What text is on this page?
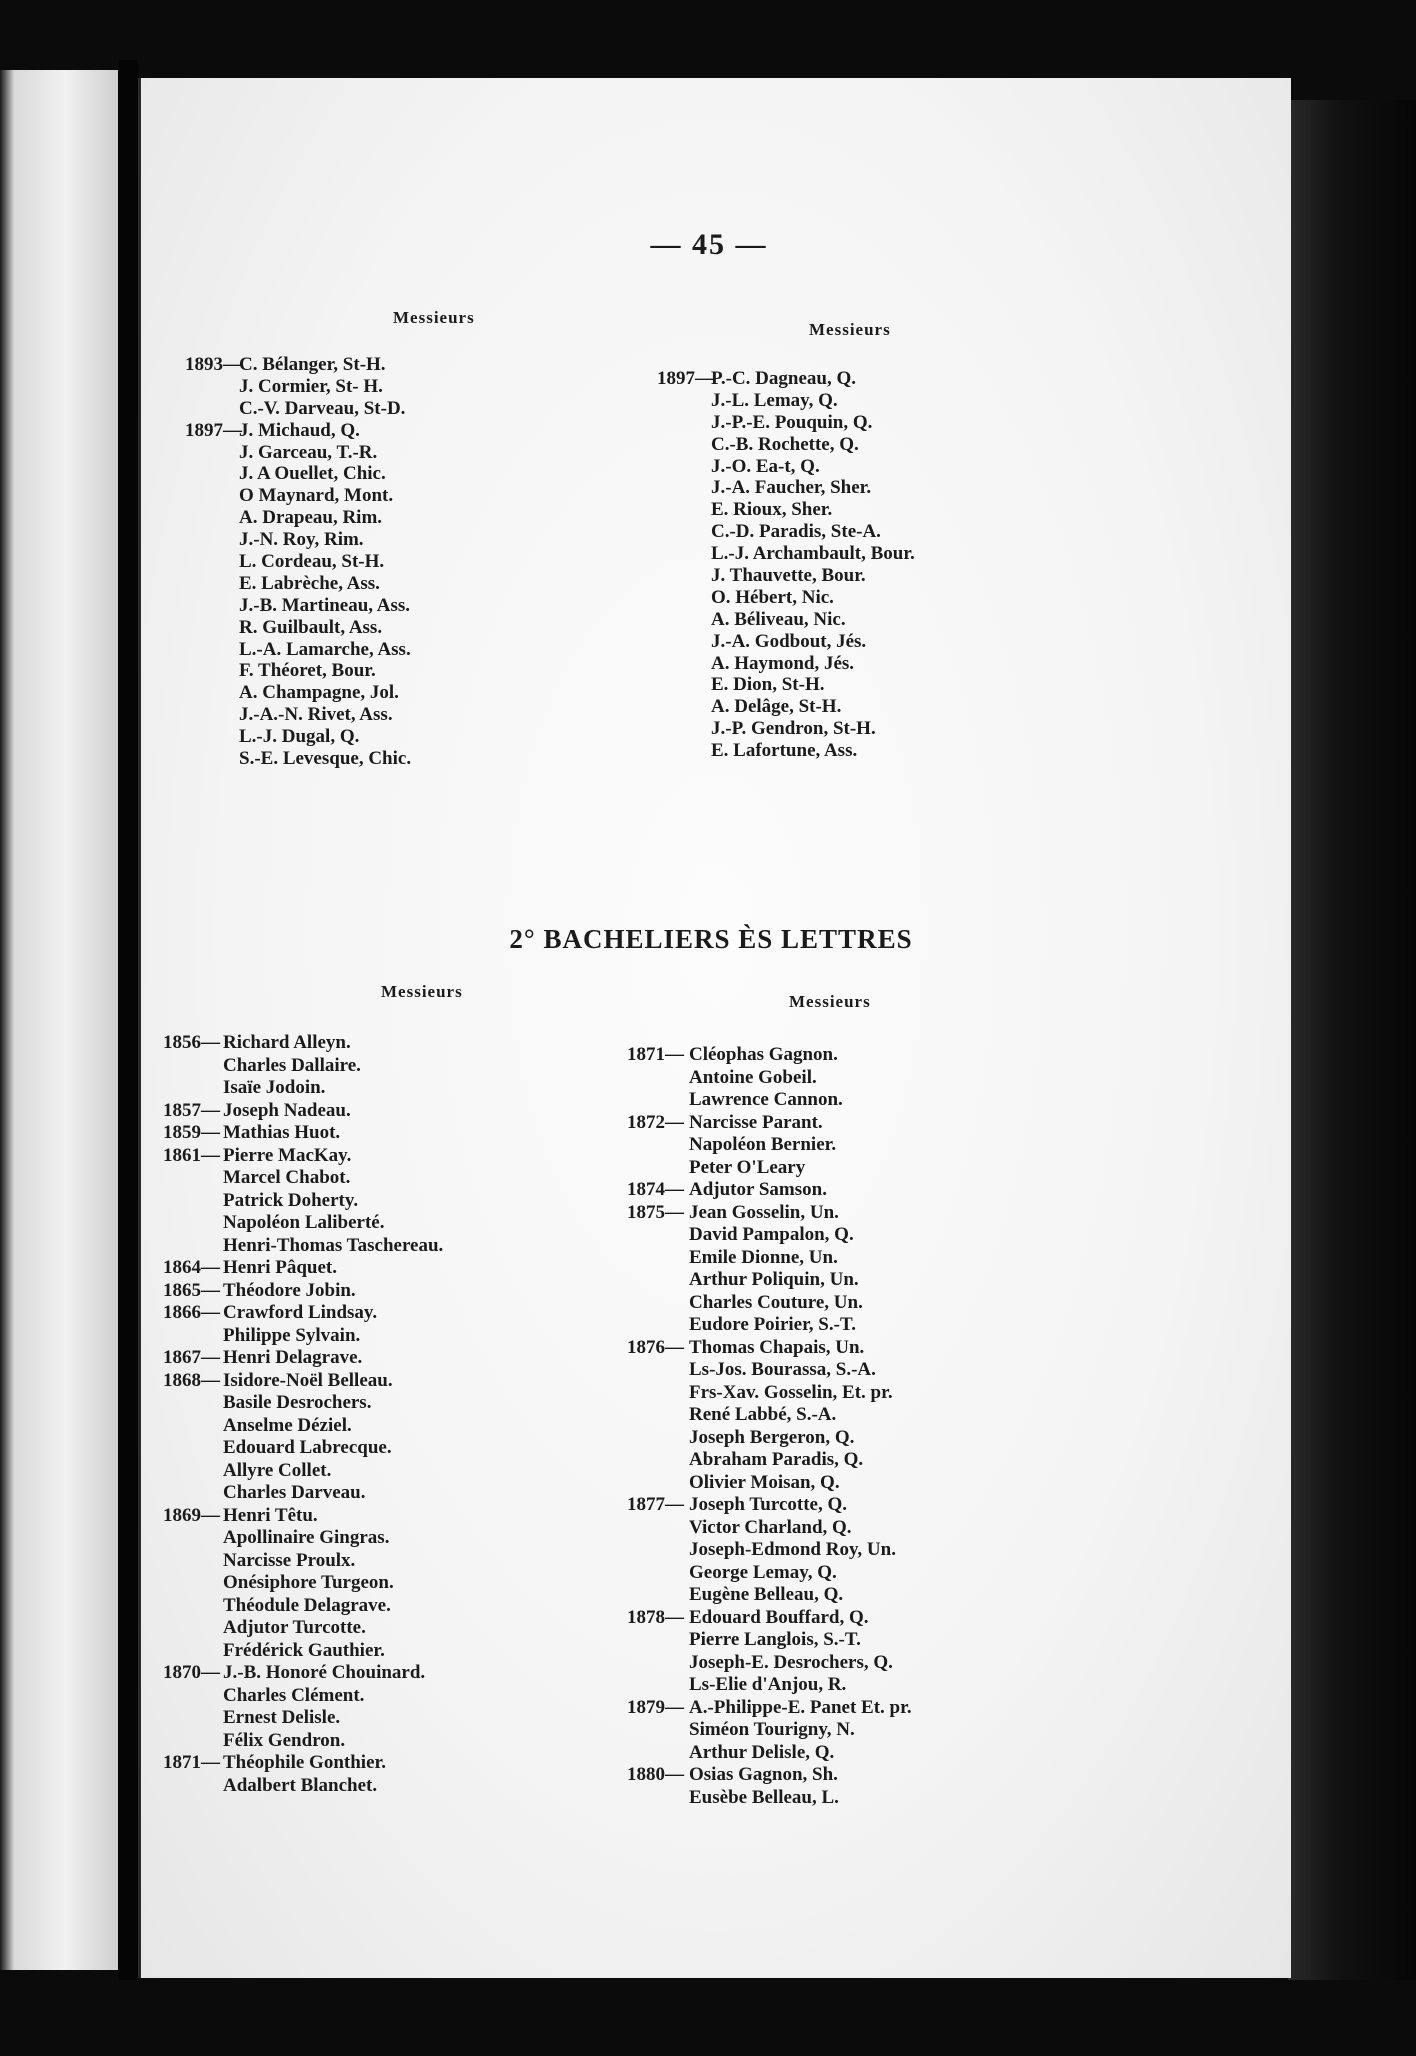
— 45 —
Messieurs
Messieurs
1893—
C. Bélanger, St-H.
J. Cormier, St- H.
C.-V. Darveau, St-D.
1897—
J. Michaud, Q.
J. Garceau, T.-R.
J. A Ouellet, Chic.
O Maynard, Mont.
A. Drapeau, Rim.
J.-N. Roy, Rim.
L. Cordeau, St-H.
E. Labrèche, Ass.
J.-B. Martineau, Ass.
R. Guilbault, Ass.
L.-A. Lamarche, Ass.
F. Théoret, Bour.
A. Champagne, Jol.
J.-A.-N. Rivet, Ass.
L.-J. Dugal, Q.
S.-E. Levesque, Chic.
1897—
P.-C. Dagneau, Q.
J.-L. Lemay, Q.
J.-P.-E. Pouquin, Q.
C.-B. Rochette, Q.
J.-O. Ea-t, Q.
J.-A. Faucher, Sher.
E. Rioux, Sher.
C.-D. Paradis, Ste-A.
L.-J. Archambault, Bour.
J. Thauvette, Bour.
O. Hébert, Nic.
A. Béliveau, Nic.
J.-A. Godbout, Jés.
A. Haymond, Jés.
E. Dion, St-H.
A. Delâge, St-H.
J.-P. Gendron, St-H.
E. Lafortune, Ass.
2° BACHELIERS ÈS LETTRES
Messieurs
Messieurs
1856— Richard Alleyn.
Charles Dallaire.
Isaïe Jodoin.
1857— Joseph Nadeau.
1859— Mathias Huot.
1861— Pierre MacKay.
Marcel Chabot.
Patrick Doherty.
Napoléon Laliberté.
Henri-Thomas Taschereau.
1864— Henri Pâquet.
1865— Théodore Jobin.
1866— Crawford Lindsay.
Philippe Sylvain.
1867— Henri Delagrave.
1868— Isidore-Noël Belleau.
Basile Desrochers.
Anselme Déziel.
Edouard Labrecque.
Allyre Collet.
Charles Darveau.
1869— Henri Têtu.
Apollinaire Gingras.
Narcisse Proulx.
Onésiphore Turgeon.
Théodule Delagrave.
Adjutor Turcotte.
Frédérick Gauthier.
1870— J.-B. Honoré Chouinard.
Charles Clément.
Ernest Delisle.
Félix Gendron.
1871— Théophile Gonthier.
Adalbert Blanchet.
1871— Cléophas Gagnon.
Antoine Gobeil.
Lawrence Cannon.
1872— Narcisse Parant.
Napoléon Bernier.
Peter O'Leary
1874— Adjutor Samson.
1875— Jean Gosselin, Un.
David Pampalon, Q.
Emile Dionne, Un.
Arthur Poliquin, Un.
Charles Couture, Un.
Eudore Poirier, S.-T.
1876— Thomas Chapais, Un.
Ls-Jos. Bourassa, S.-A.
Frs-Xav. Gosselin, Et. pr.
René Labbé, S.-A.
Joseph Bergeron, Q.
Abraham Paradis, Q.
Olivier Moisan, Q.
1877— Joseph Turcotte, Q.
Victor Charland, Q.
Joseph-Edmond Roy, Un.
George Lemay, Q.
Eugène Belleau, Q.
1878— Edouard Bouffard, Q.
Pierre Langlois, S.-T.
Joseph-E. Desrochers, Q.
Ls-Elie d'Anjou, R.
1879— A.-Philippe-E. Panet Et. pr.
Siméon Tourigny, N.
Arthur Delisle, Q.
1880— Osias Gagnon, Sh.
Eusèbe Belleau, L.
